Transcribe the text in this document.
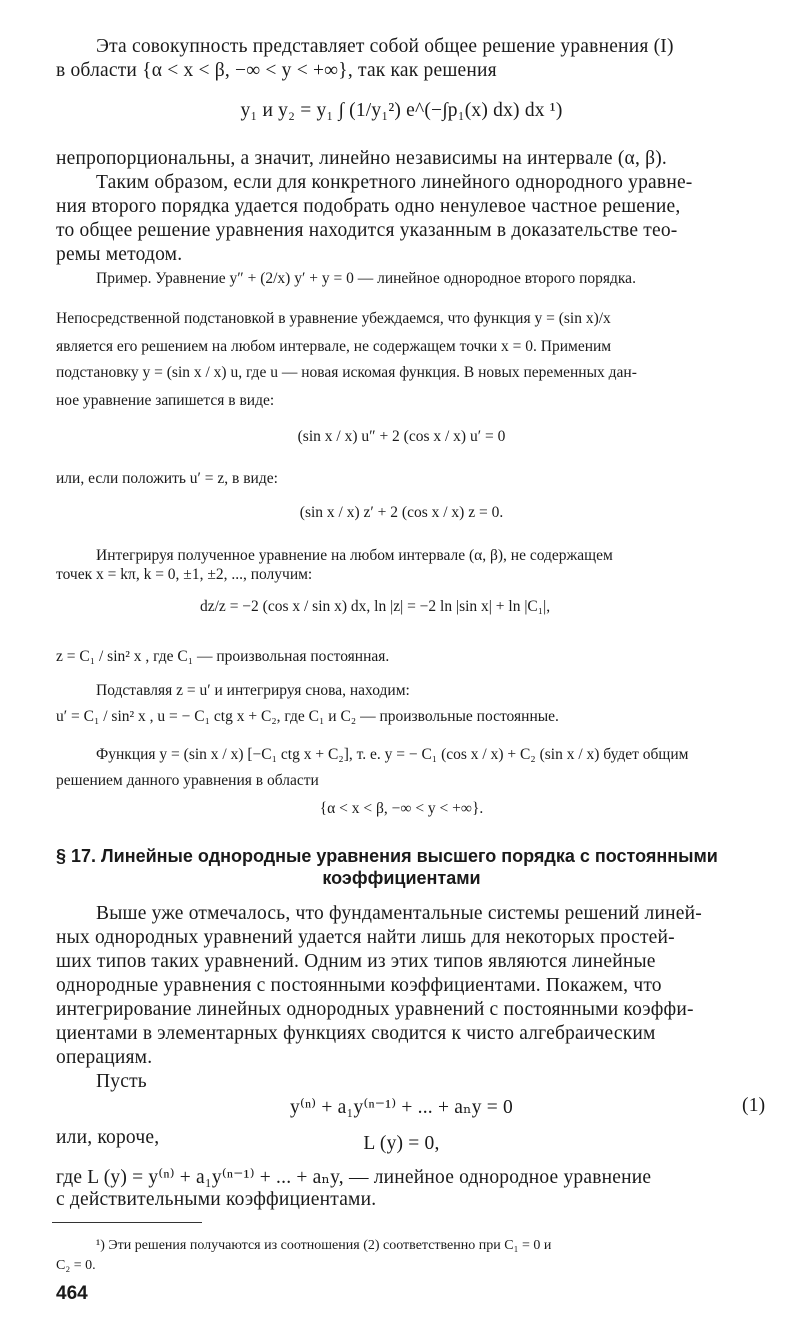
Эта совокупность представляет собой общее решение уравнения (I)
в области {α < x < β, −∞ < y < +∞}, так как решения
y₁ и y₂ = y₁ ∫ (1/y₁²) e^(−∫p₁(x) dx) dx ¹)
непропорциональны, а значит, линейно независимы на интервале (α, β).
Таким образом, если для конкретного линейного однородного уравне-
ния второго порядка удается подобрать одно ненулевое частное решение,
то общее решение уравнения находится указанным в доказательстве тео-
ремы методом.
Пример. Уравнение y″ + (2/x) y′ + y = 0 — линейное однородное второго порядка.
Непосредственной подстановкой в уравнение убеждаемся, что функция y = (sin x)/x
является его решением на любом интервале, не содержащем точки x = 0. Применим
подстановку y = (sin x / x) u, где u — новая искомая функция. В новых переменных дан-
ное уравнение запишется в виде:
(sin x / x) u″ + 2 (cos x / x) u′ = 0
или, если положить u′ = z, в виде:
(sin x / x) z′ + 2 (cos x / x) z = 0.
Интегрируя полученное уравнение на любом интервале (α, β), не содержащем
точек x = kπ, k = 0, ±1, ±2, ..., получим:
dz/z = −2 (cos x / sin x) dx, ln |z| = −2 ln |sin x| + ln |C₁|,
z = C₁ / sin² x , где C₁ — произвольная постоянная.
Подставляя z = u′ и интегрируя снова, находим:
u′ = C₁ / sin² x , u = − C₁ ctg x + C₂, где C₁ и C₂ — произвольные постоянные.
Функция y = (sin x / x) [−C₁ ctg x + C₂], т. е. y = − C₁ (cos x / x) + C₂ (sin x / x) будет общим
решением данного уравнения в области
{α < x < β, −∞ < y < +∞}.
§ 17. Линейные однородные уравнения высшего порядка с постоянными
коэффициентами
Выше уже отмечалось, что фундаментальные системы решений линей-
ных однородных уравнений удается найти лишь для некоторых простей-
ших типов таких уравнений. Одним из этих типов являются линейные
однородные уравнения с постоянными коэффициентами. Покажем, что
интегрирование линейных однородных уравнений с постоянными коэффи-
циентами в элементарных функциях сводится к чисто алгебраическим
операциям.
Пусть
y⁽ⁿ⁾ + a₁y⁽ⁿ⁻¹⁾ + ... + aₙy = 0	(1)
или, короче,	L (y) = 0,
где L (y) = y⁽ⁿ⁾ + a₁y⁽ⁿ⁻¹⁾ + ... + aₙy, — линейное однородное уравнение
с действительными коэффициентами.
¹) Эти решения получаются из соотношения (2) соответственно при C₁ = 0 и
C₂ = 0.
464
